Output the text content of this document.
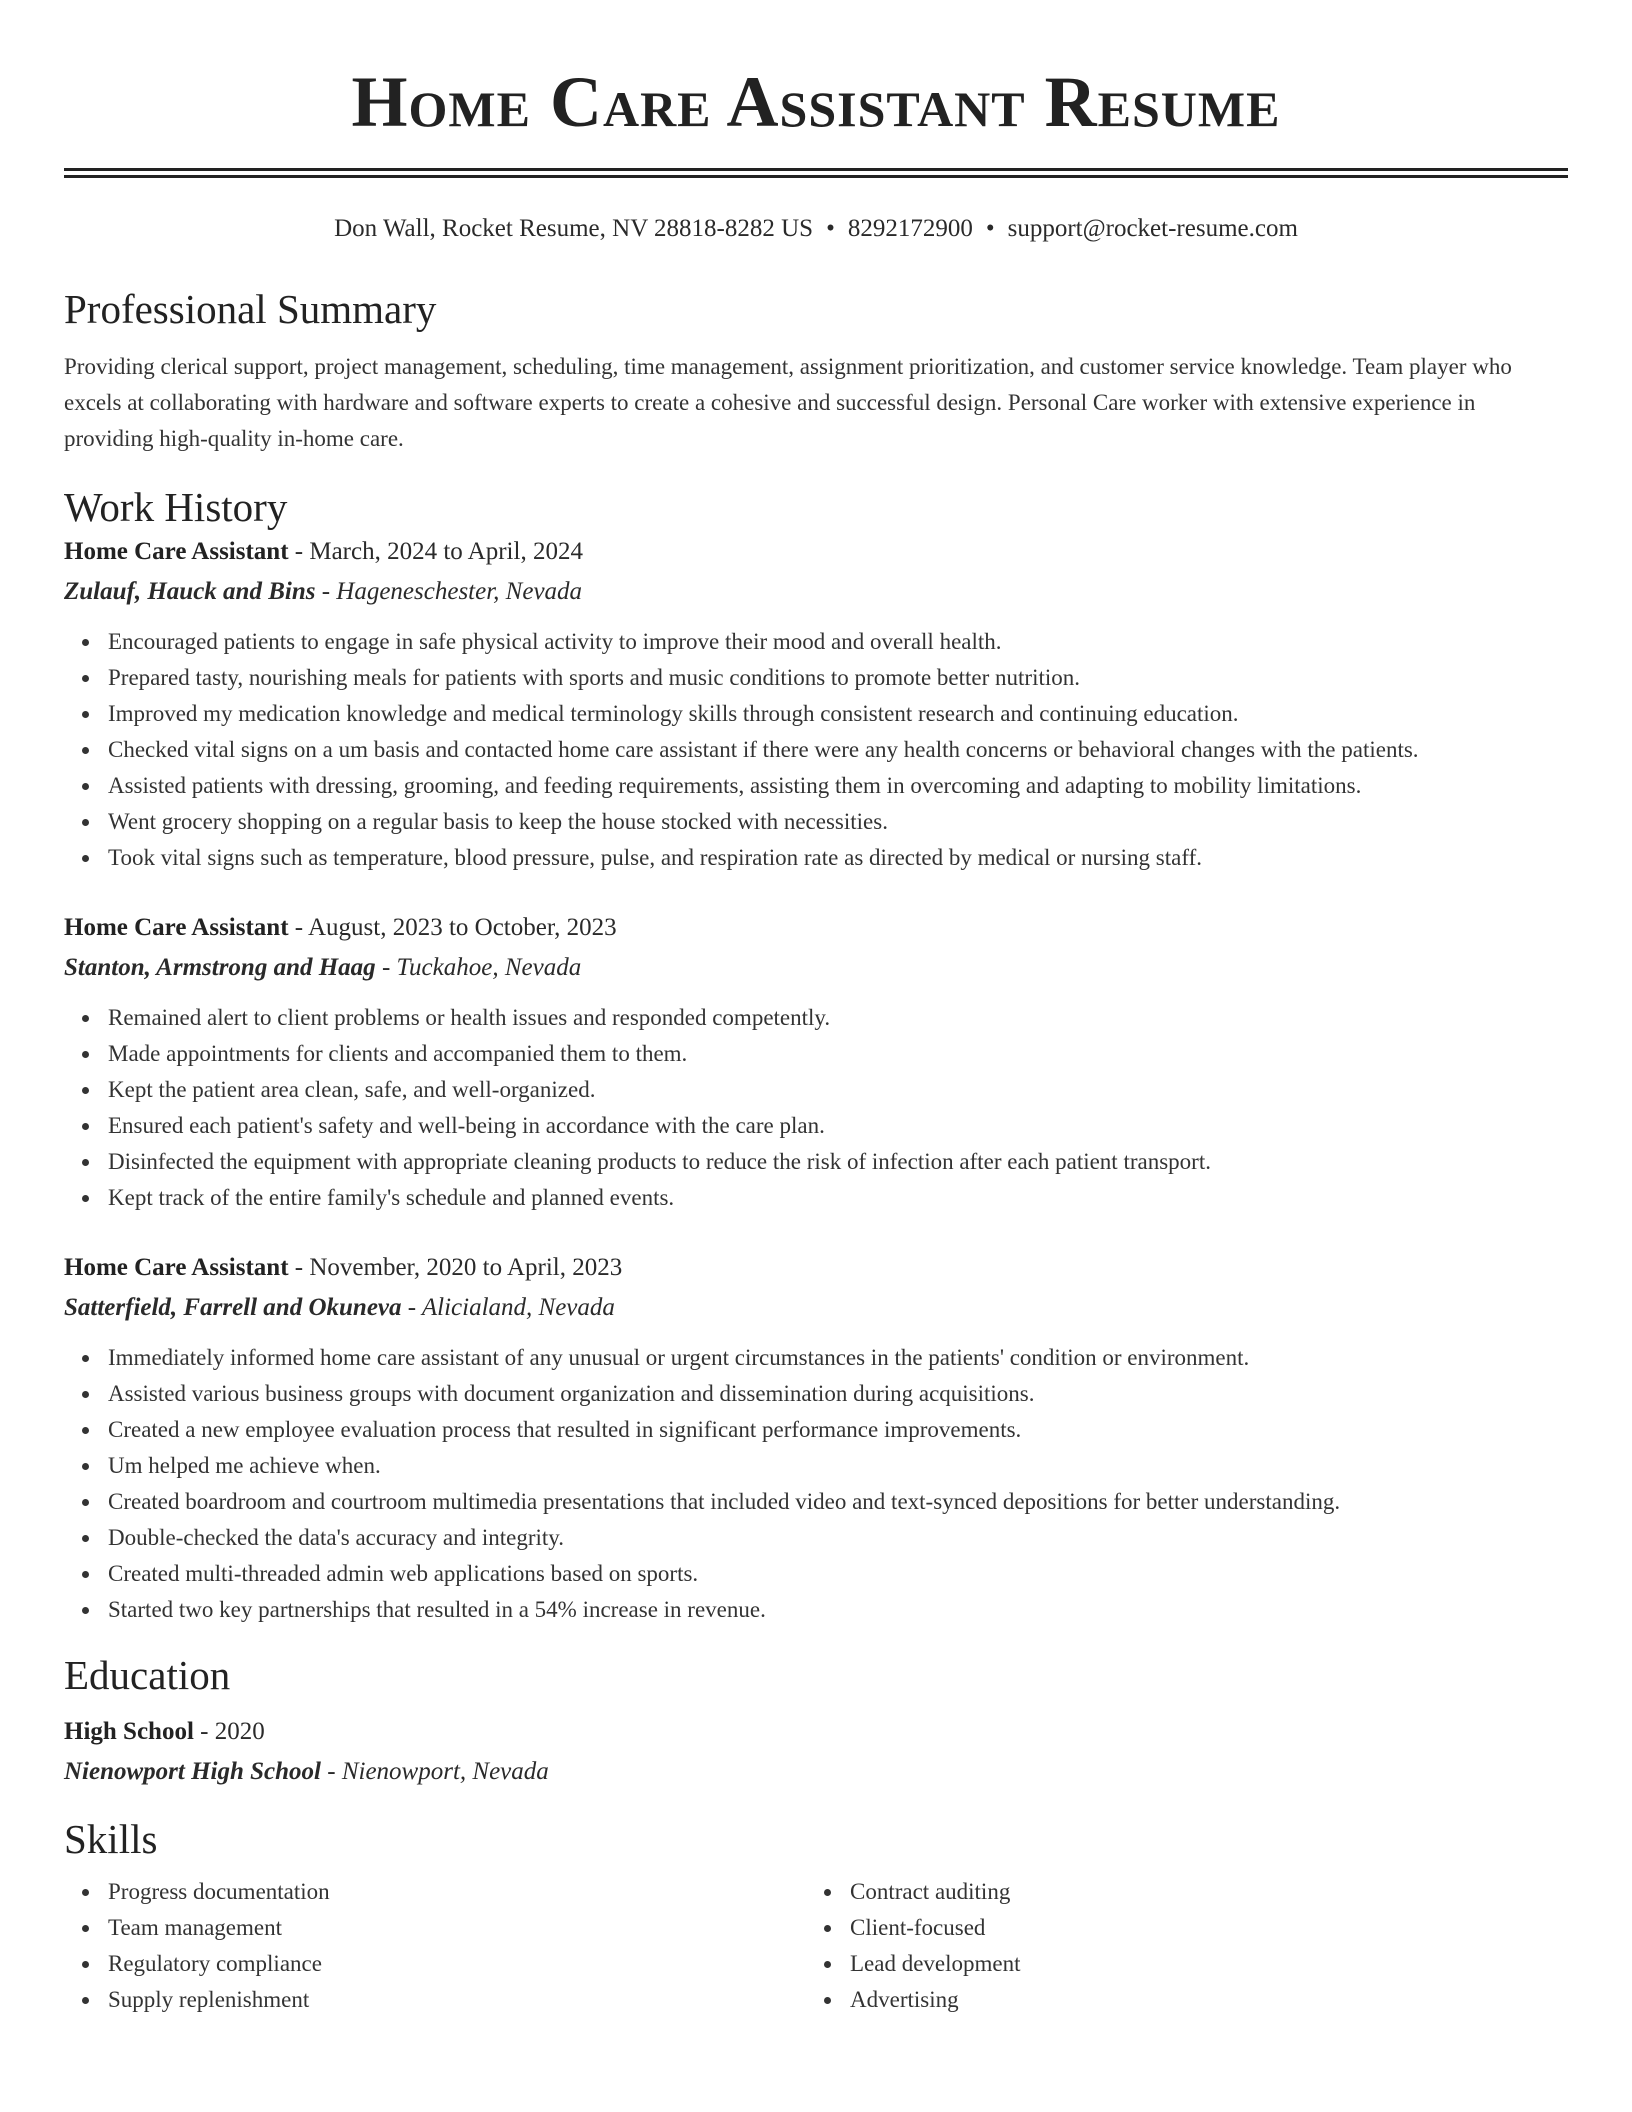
Home Care Assistant Resume
Don Wall, Rocket Resume, NV 28818-8282 US • 8292172900 • support@rocket-resume.com
Professional Summary

Providing clerical support, project management, scheduling, time management, assignment prioritization, and customer service knowledge. Team player who excels at collaborating with hardware and software experts to create a cohesive and successful design. Personal Care worker with extensive experience in providing high-quality in-home care.

Work History
Home Care Assistant - March, 2024 to April, 2024
Zulauf, Hauck and Bins - Hageneschester, Nevada
Encouraged patients to engage in safe physical activity to improve their mood and overall health.
Prepared tasty, nourishing meals for patients with sports and music conditions to promote better nutrition.
Improved my medication knowledge and medical terminology skills through consistent research and continuing education.
Checked vital signs on a um basis and contacted home care assistant if there were any health concerns or behavioral changes with the patients.
Assisted patients with dressing, grooming, and feeding requirements, assisting them in overcoming and adapting to mobility limitations.
Went grocery shopping on a regular basis to keep the house stocked with necessities.
Took vital signs such as temperature, blood pressure, pulse, and respiration rate as directed by medical or nursing staff.
Home Care Assistant - August, 2023 to October, 2023
Stanton, Armstrong and Haag - Tuckahoe, Nevada
Remained alert to client problems or health issues and responded competently.
Made appointments for clients and accompanied them to them.
Kept the patient area clean, safe, and well-organized.
Ensured each patient's safety and well-being in accordance with the care plan.
Disinfected the equipment with appropriate cleaning products to reduce the risk of infection after each patient transport.
Kept track of the entire family's schedule and planned events.
Home Care Assistant - November, 2020 to April, 2023
Satterfield, Farrell and Okuneva - Alicialand, Nevada
Immediately informed home care assistant of any unusual or urgent circumstances in the patients' condition or environment.
Assisted various business groups with document organization and dissemination during acquisitions.
Created a new employee evaluation process that resulted in significant performance improvements.
Um helped me achieve when.
Created boardroom and courtroom multimedia presentations that included video and text-synced depositions for better understanding.
Double-checked the data's accuracy and integrity.
Created multi-threaded admin web applications based on sports.
Started two key partnerships that resulted in a 54% increase in revenue.
Education
High School - 2020
Nienowport High School - Nienowport, Nevada
Skills
Progress documentation
Team management
Regulatory compliance
Supply replenishment
Contract auditing
Client-focused
Lead development
Advertising
